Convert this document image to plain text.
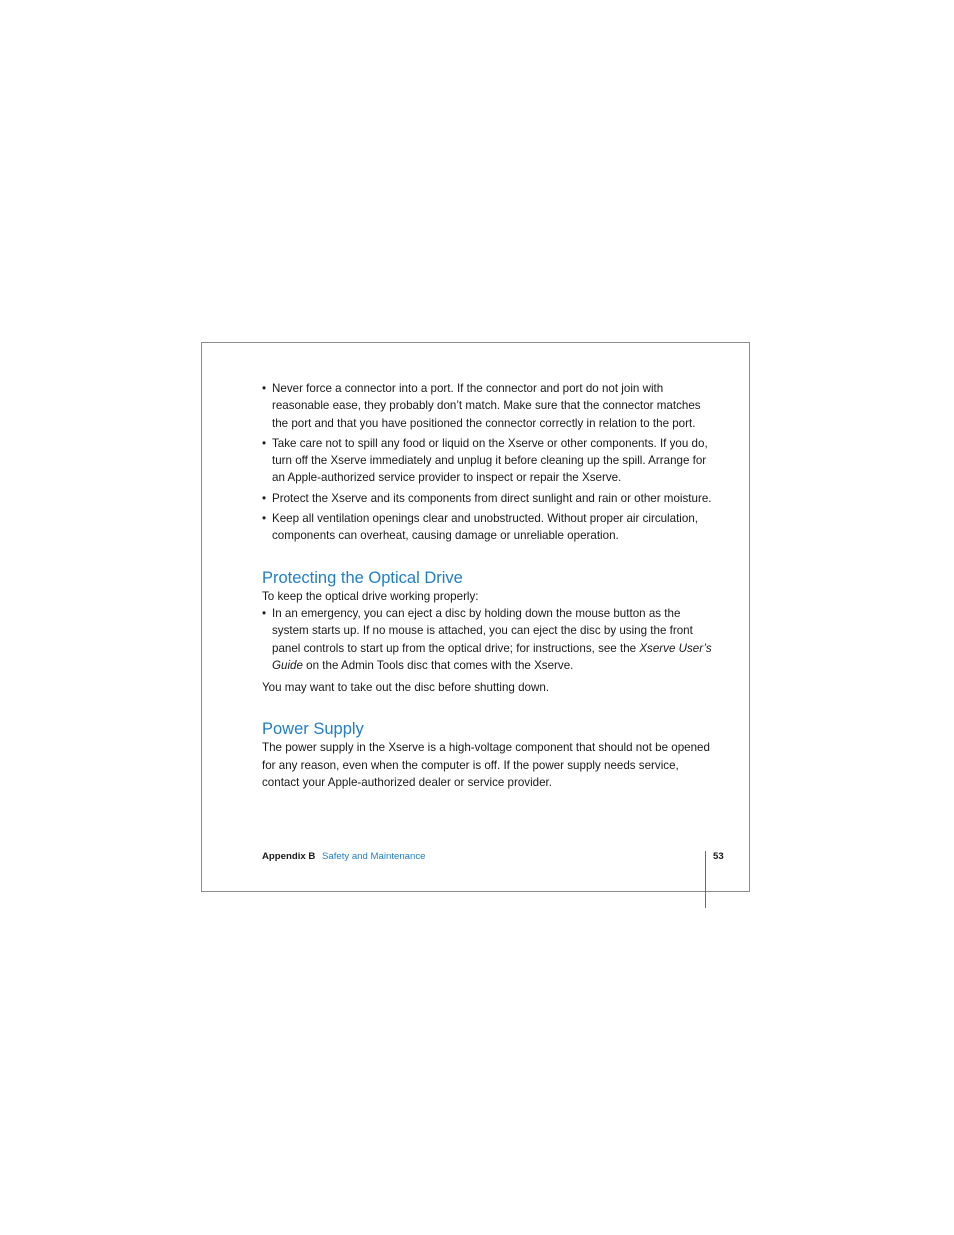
• Never force a connector into a port. If the connector and port do not join with reasonable ease, they probably don’t match. Make sure that the connector matches the port and that you have positioned the connector correctly in relation to the port.
• Take care not to spill any food or liquid on the Xserve or other components. If you do, turn off the Xserve immediately and unplug it before cleaning up the spill. Arrange for an Apple-authorized service provider to inspect or repair the Xserve.
• Protect the Xserve and its components from direct sunlight and rain or other moisture.
• Keep all ventilation openings clear and unobstructed. Without proper air circulation, components can overheat, causing damage or unreliable operation.
Protecting the Optical Drive

To keep the optical drive working properly:

• In an emergency, you can eject a disc by holding down the mouse button as the system starts up. If no mouse is attached, you can eject the disc by using the front panel controls to start up from the optical drive; for instructions, see the Xserve User’s Guide on the Admin Tools disc that comes with the Xserve.

You may want to take out the disc before shutting down.

Power Supply

The power supply in the Xserve is a high-voltage component that should not be opened for any reason, even when the computer is off. If the power supply needs service, contact your Apple-authorized dealer or service provider.

Appendix B Safety and Maintenance	53
